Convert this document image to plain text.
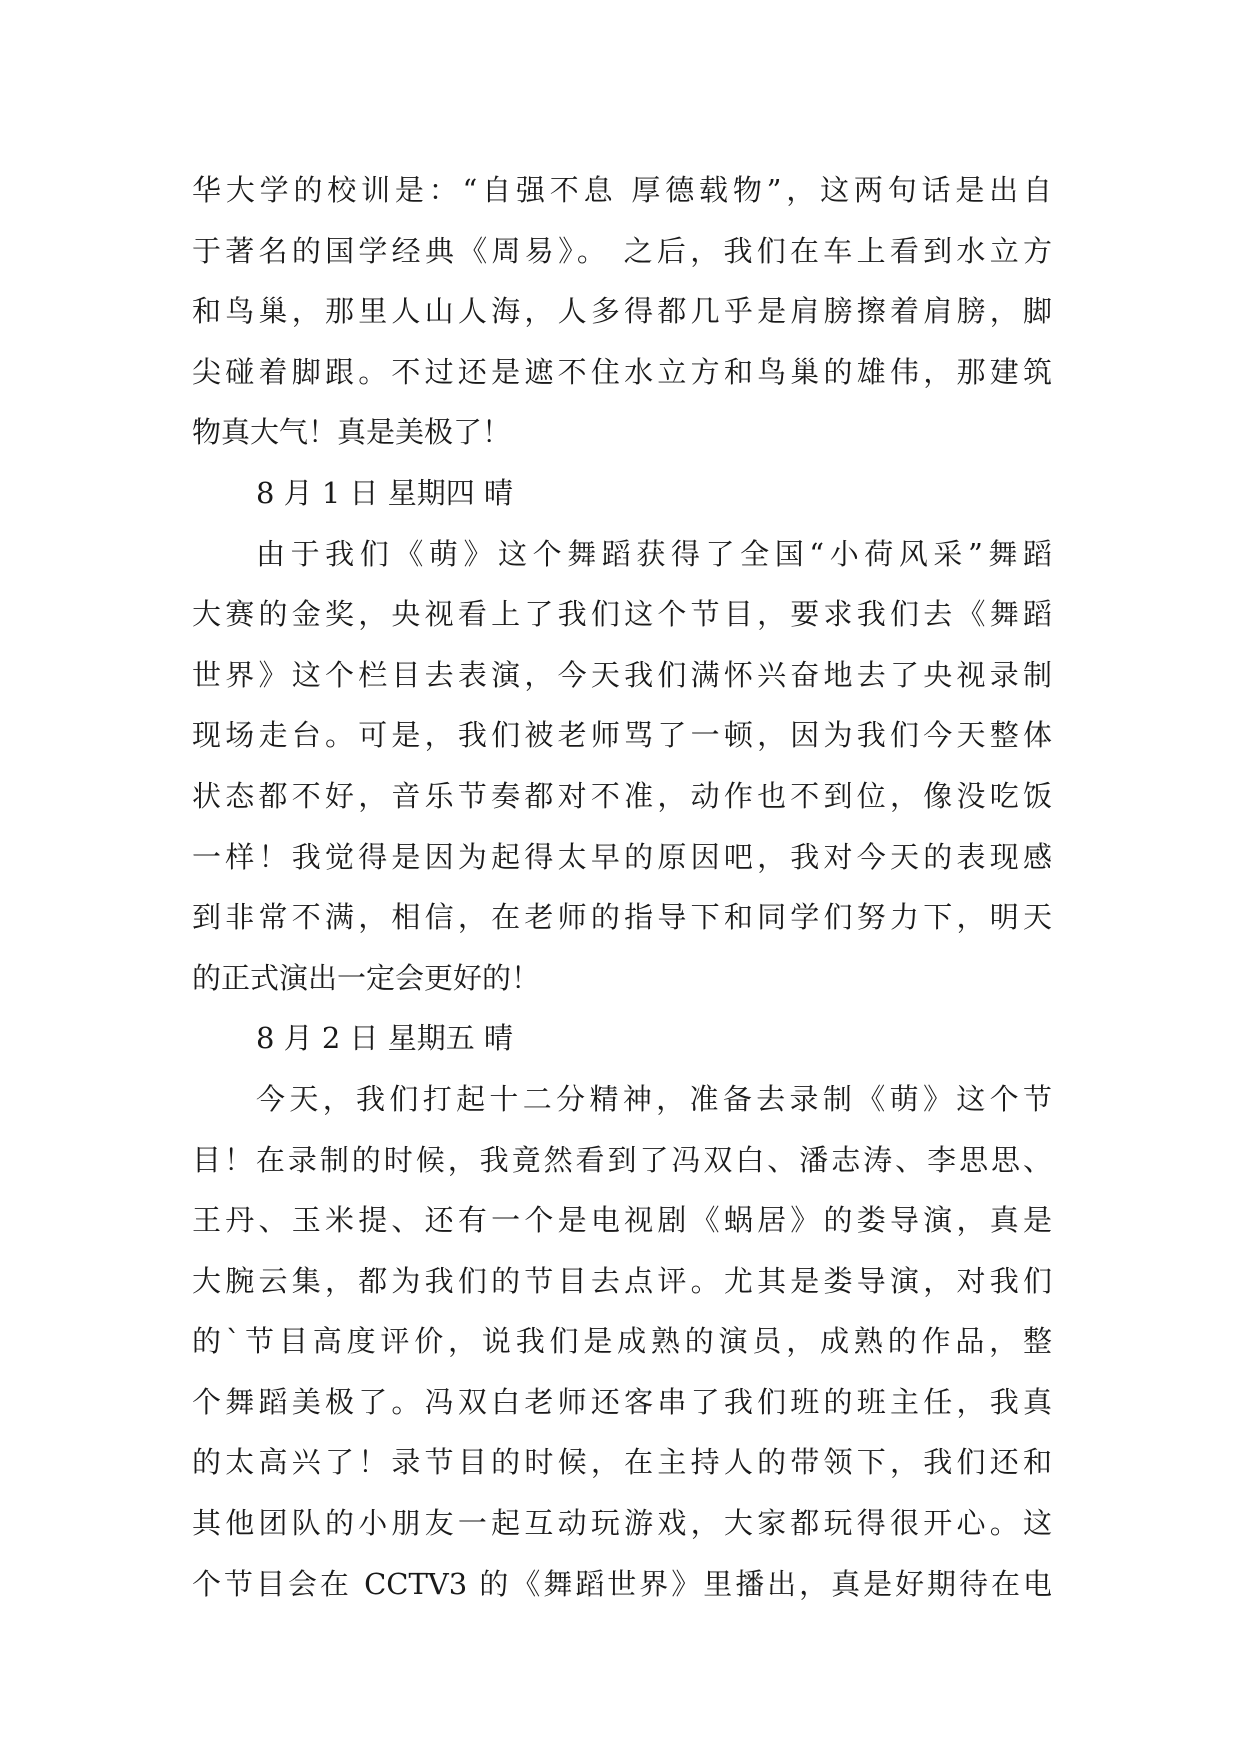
华大学的校训是：“自强不息 厚德载物”，这两句话是出自
于著名的国学经典《周易》。 之后，我们在车上看到水立方
和鸟巢，那里人山人海，人多得都几乎是肩膀擦着肩膀，脚
尖碰着脚跟。不过还是遮不住水立方和鸟巢的雄伟，那建筑
物真大气！真是美极了！
8 月 1 日 星期四 晴
由于我们《萌》这个舞蹈获得了全国“小荷风采”舞蹈
大赛的金奖，央视看上了我们这个节目，要求我们去《舞蹈
世界》这个栏目去表演，今天我们满怀兴奋地去了央视录制
现场走台。可是，我们被老师骂了一顿，因为我们今天整体
状态都不好，音乐节奏都对不准，动作也不到位，像没吃饭
一样！我觉得是因为起得太早的原因吧，我对今天的表现感
到非常不满，相信，在老师的指导下和同学们努力下，明天
的正式演出一定会更好的！
8 月 2 日 星期五 晴
今天，我们打起十二分精神，准备去录制《萌》这个节
目！在录制的时候，我竟然看到了冯双白、潘志涛、李思思、
王丹、玉米提、还有一个是电视剧《蜗居》的娄导演，真是
大腕云集，都为我们的节目去点评。尤其是娄导演，对我们
的`节目高度评价，说我们是成熟的演员，成熟的作品，整
个舞蹈美极了。冯双白老师还客串了我们班的班主任，我真
的太高兴了！录节目的时候，在主持人的带领下，我们还和
其他团队的小朋友一起互动玩游戏，大家都玩得很开心。这
个节目会在 CCTV3 的《舞蹈世界》里播出，真是好期待在电
